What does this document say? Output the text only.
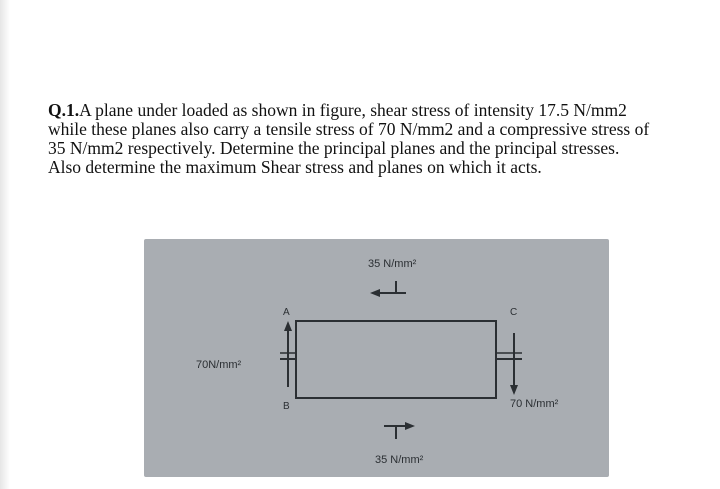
Q.1.A plane under loaded as shown in figure, shear stress of intensity 17.5 N/mm2
while these planes also carry a tensile stress of 70 N/mm2 and a compressive stress of
35 N/mm2 respectively. Determine the principal planes and the principal stresses.
Also determine the maximum Shear stress and planes on which it acts.
35 N/mm²
35 N/mm²
70N/mm²
70 N/mm²
A
B
C
